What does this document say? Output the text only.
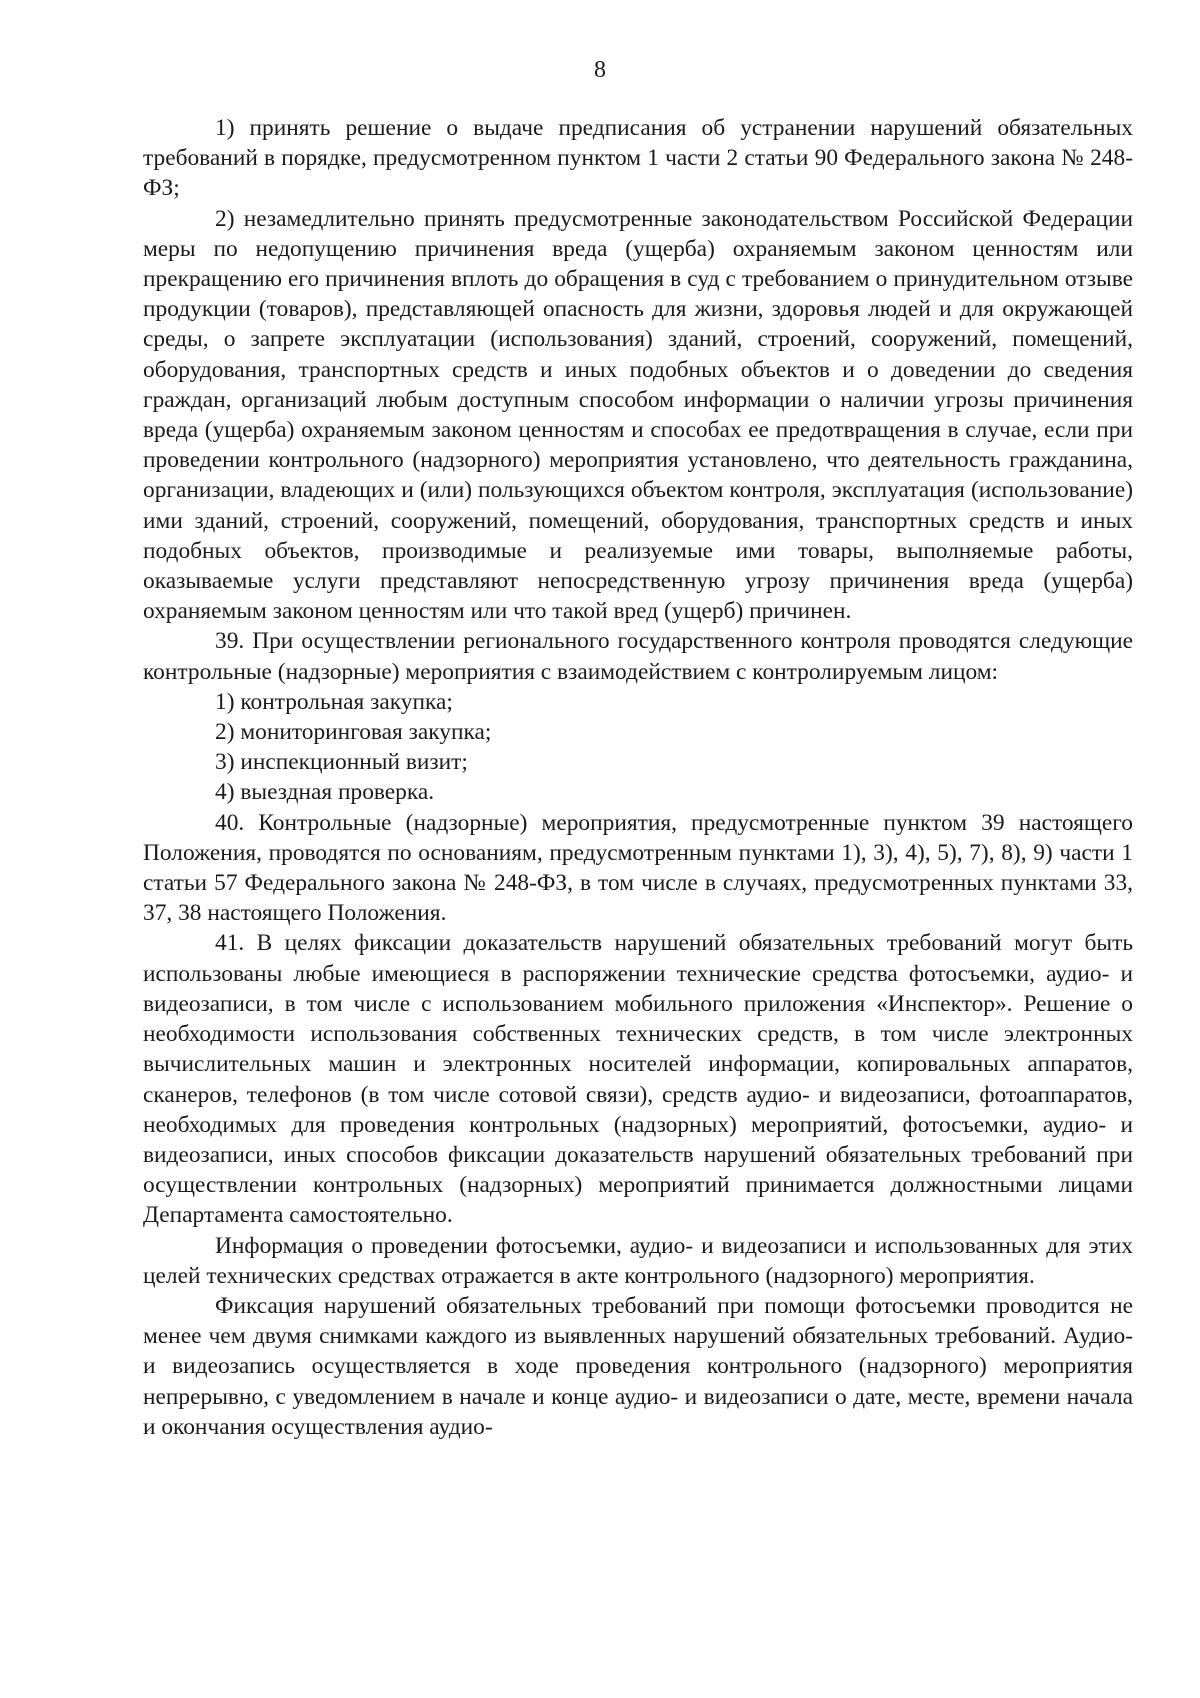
8

1) принять решение о выдаче предписания об устранении нарушений обязательных требований в порядке, предусмотренном пунктом 1 части 2 статьи 90 Федерального закона № 248-ФЗ;

2) незамедлительно принять предусмотренные законодательством Российской Федерации меры по недопущению причинения вреда (ущерба) охраняемым законом ценностям или прекращению его причинения вплоть до обращения в суд с требованием о принудительном отзыве продукции (товаров), представляющей опасность для жизни, здоровья людей и для окружающей среды, о запрете эксплуатации (использования) зданий, строений, сооружений, помещений, оборудования, транспортных средств и иных подобных объектов и о доведении до сведения граждан, организаций любым доступным способом информации о наличии угрозы причинения вреда (ущерба) охраняемым законом ценностям и способах ее предотвращения в случае, если при проведении контрольного (надзорного) мероприятия установлено, что деятельность гражданина, организации, владеющих и (или) пользующихся объектом контроля, эксплуатация (использование) ими зданий, строений, сооружений, помещений, оборудования, транспортных средств и иных подобных объектов, производимые и реализуемые ими товары, выполняемые работы, оказываемые услуги представляют непосредственную угрозу причинения вреда (ущерба) охраняемым законом ценностям или что такой вред (ущерб) причинен.

39. При осуществлении регионального государственного контроля проводятся следующие контрольные (надзорные) мероприятия с взаимодействием с контролируемым лицом:

1) контрольная закупка;

2) мониторинговая закупка;

3) инспекционный визит;

4) выездная проверка.

40. Контрольные (надзорные) мероприятия, предусмотренные пунктом 39 настоящего Положения, проводятся по основаниям, предусмотренным пунктами 1), 3), 4), 5), 7), 8), 9) части 1 статьи 57 Федерального закона № 248-ФЗ, в том числе в случаях, предусмотренных пунктами 33, 37, 38 настоящего Положения.

41. В целях фиксации доказательств нарушений обязательных требований могут быть использованы любые имеющиеся в распоряжении технические средства фотосъемки, аудио- и видеозаписи, в том числе с использованием мобильного приложения «Инспектор». Решение о необходимости использования собственных технических средств, в том числе электронных вычислительных машин и электронных носителей информации, копировальных аппаратов, сканеров, телефонов (в том числе сотовой связи), средств аудио- и видеозаписи, фотоаппаратов, необходимых для проведения контрольных (надзорных) мероприятий, фотосъемки, аудио- и видеозаписи, иных способов фиксации доказательств нарушений обязательных требований при осуществлении контрольных (надзорных) мероприятий принимается должностными лицами Департамента самостоятельно.

Информация о проведении фотосъемки, аудио- и видеозаписи и использованных для этих целей технических средствах отражается в акте контрольного (надзорного) мероприятия.

Фиксация нарушений обязательных требований при помощи фотосъемки проводится не менее чем двумя снимками каждого из выявленных нарушений обязательных требований. Аудио- и видеозапись осуществляется в ходе проведения контрольного (надзорного) мероприятия непрерывно, с уведомлением в начале и конце аудио- и видеозаписи о дате, месте, времени начала и окончания осуществления аудио-
